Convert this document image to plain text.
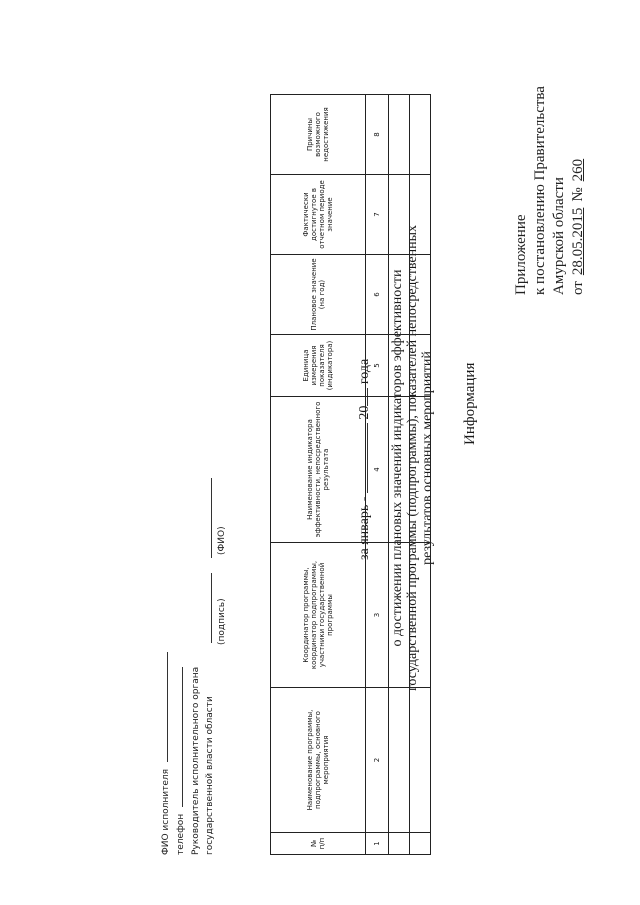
Приложение к постановлению Правительства Амурской области от
28.05.2015
№
260
Информация
о достижении плановых значений индикаторов эффективности государственной программы (подпрограммы), показателей непосредственных результатов основных мероприятий
за январь -  20 года
№ п/п	Наименование программы, подпрограммы, основного мероприятия	Координатор программы, координатор подпрограммы, участники государственной программы	Наименование индикатора эффективности, непосредственного результата	Единица измерения показателя (индикатора)	Плановое значение (на год)	Фактически достигнутое в отчетном периоде значение	Причины возможного недостижения
1	2	3	4	5	6	7	8

Руководитель исполнительного органа государственной власти области
(подпись)
(ФИО)
ФИО исполнителя телефон
